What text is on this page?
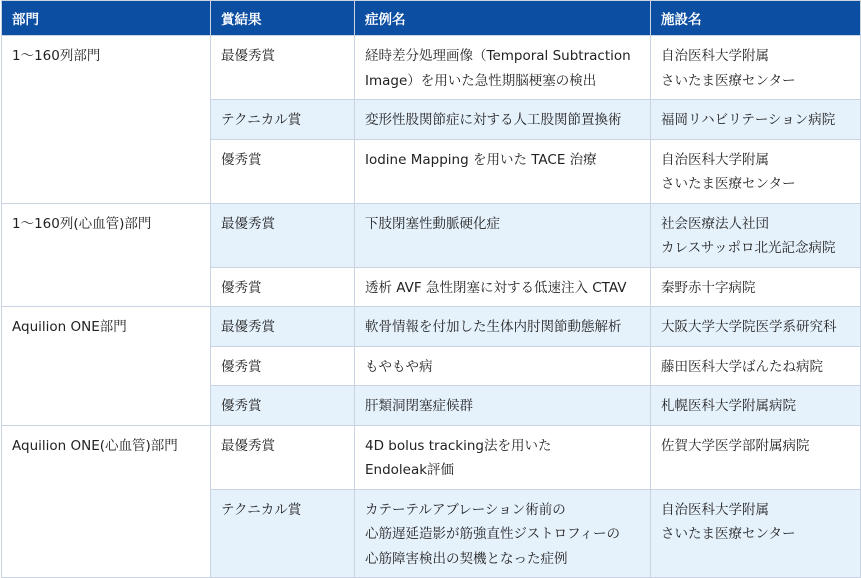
部門	賞結果	症例名	施設名
1〜160列部門	最優秀賞	経時差分処理画像（Temporal Subtraction
Image）を用いた急性期脳梗塞の検出	自治医科大学附属
さいたま医療センター

	テクニカル賞	変形性股関節症に対する人工股関節置換術	福岡リハビリテーション病院

	優秀賞	Iodine Mapping を用いた TACE 治療	自治医科大学附属
さいたま医療センター

1〜160列(心血管)部門	最優秀賞	下肢閉塞性動脈硬化症	社会医療法人社団
カレスサッポロ北光記念病院

	優秀賞	透析 AVF 急性閉塞に対する低速注入 CTAV	秦野赤十字病院

Aquilion ONE部門	最優秀賞	軟骨情報を付加した生体内肘関節動態解析	大阪大学大学院医学系研究科

	優秀賞	もやもや病	藤田医科大学ばんたね病院

	優秀賞	肝類洞閉塞症候群	札幌医科大学附属病院

Aquilion ONE(心血管)部門	最優秀賞	4D bolus tracking法を用いた
Endoleak評価	佐賀大学医学部附属病院

	テクニカル賞	カテーテルアブレーション術前の
心筋遅延造影が筋強直性ジストロフィーの
心筋障害検出の契機となった症例	自治医科大学附属
さいたま医療センター
